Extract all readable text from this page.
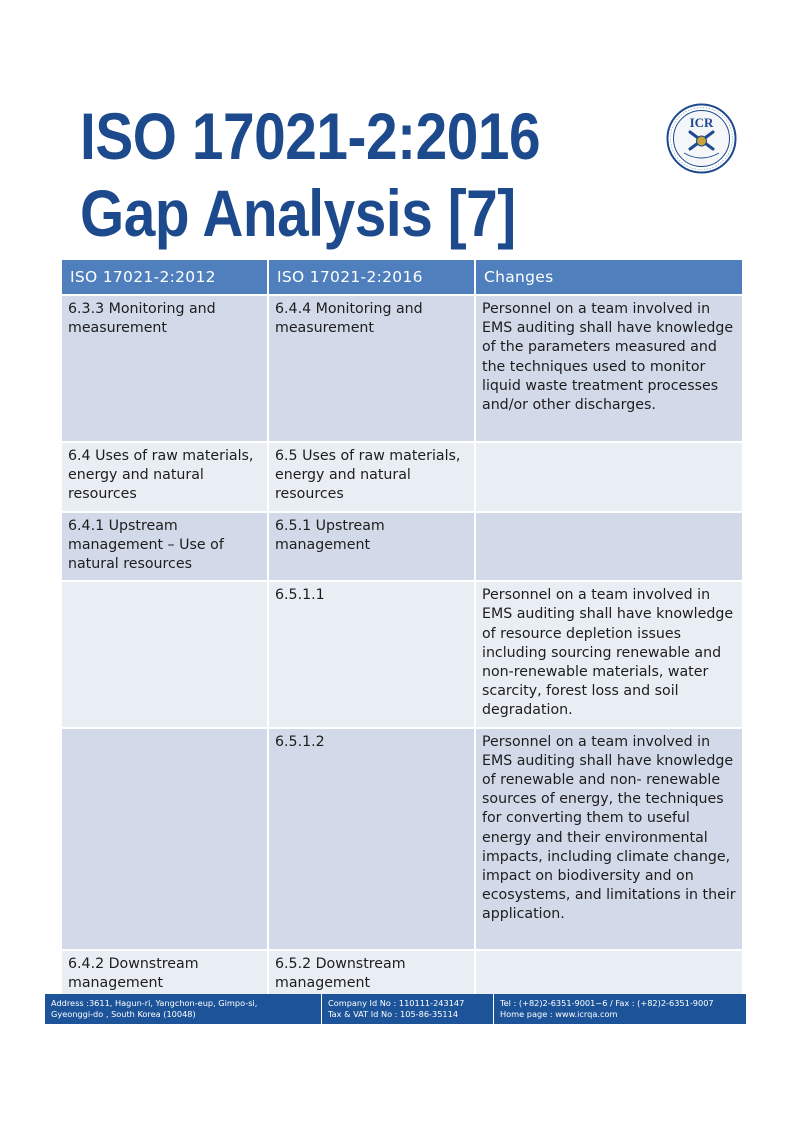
ISO 17021-2:2016
Gap Analysis [7]
ICR
ISO 17021-2:2012	ISO 17021-2:2016	Changes
6.3.3 Monitoring and measurement	6.4.4 Monitoring and measurement	Personnel on a team involved in EMS auditing shall have knowledge of the parameters measured and the techniques used to monitor liquid waste treatment processes and/or other discharges.
6.4 Uses of raw materials, energy and natural resources	6.5 Uses of raw materials, energy and natural resources	
6.4.1 Upstream management – Use of natural resources	6.5.1 Upstream management	
	6.5.1.1	Personnel on a team involved in EMS auditing shall have knowledge of resource depletion issues including sourcing renewable and non-renewable materials, water scarcity, forest loss and soil degradation.
	6.5.1.2	Personnel on a team involved in EMS auditing shall have knowledge of renewable and non- renewable sources of energy, the techniques for converting them to useful energy and their environmental impacts, including climate change, impact on biodiversity and on ecosystems, and limitations in their application.
6.4.2 Downstream management	6.5.2 Downstream management	
Address :3611, Hagun-ri, Yangchon-eup, Gimpo-si,
Gyeonggi-do , South Korea (10048)
Company Id No : 110111-243147
Tax & VAT Id No : 105-86-35114
Tel : (+82)2-6351-9001~6 / Fax : (+82)2-6351-9007
Home page : www.icrqa.com
